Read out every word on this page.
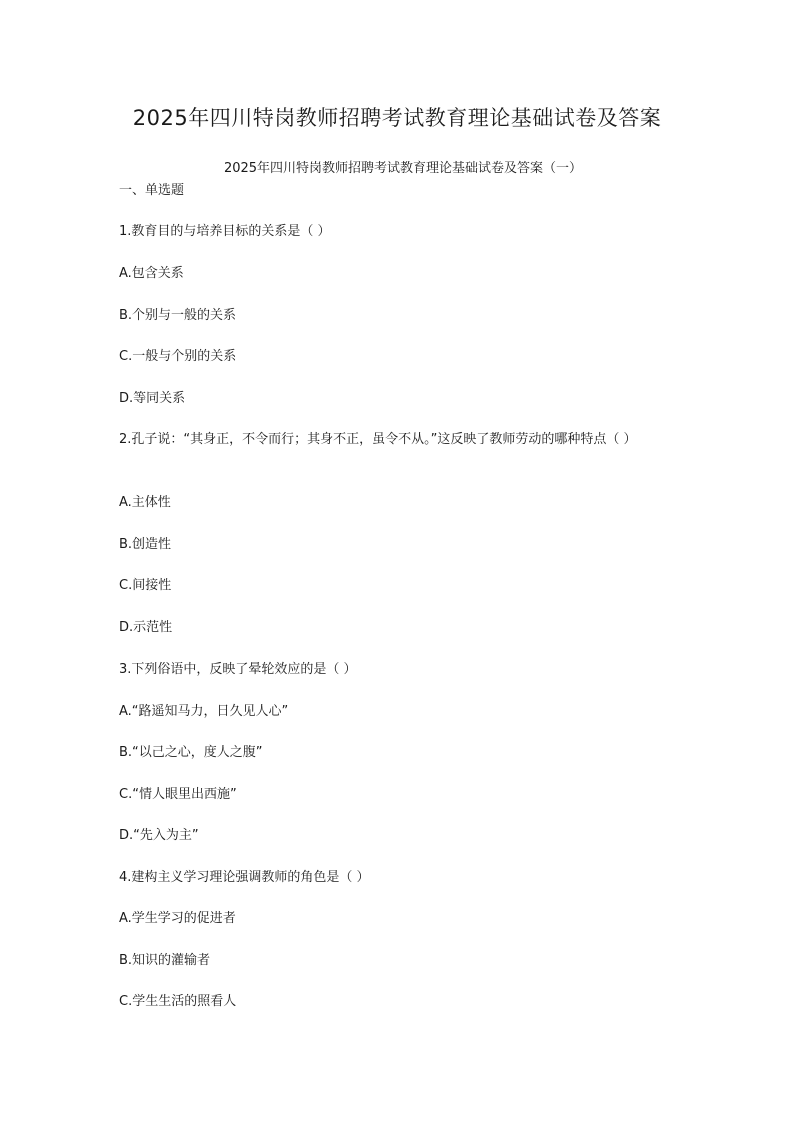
2025年四川特岗教师招聘考试教育理论基础试卷及答案
2025年四川特岗教师招聘考试教育理论基础试卷及答案（一）
一、单选题
1.教育目的与培养目标的关系是（ ）
A.包含关系
B.个别与一般的关系
C.一般与个别的关系
D.等同关系
2.孔子说：“其身正，不令而行；其身不正，虽令不从。”这反映了教师劳动的哪种特点（ ）
A.主体性
B.创造性
C.间接性
D.示范性
3.下列俗语中，反映了晕轮效应的是（ ）
A.“路遥知马力，日久见人心”
B.“以己之心，度人之腹”
C.“情人眼里出西施”
D.“先入为主”
4.建构主义学习理论强调教师的角色是（ ）
A.学生学习的促进者
B.知识的灌输者
C.学生生活的照看人
